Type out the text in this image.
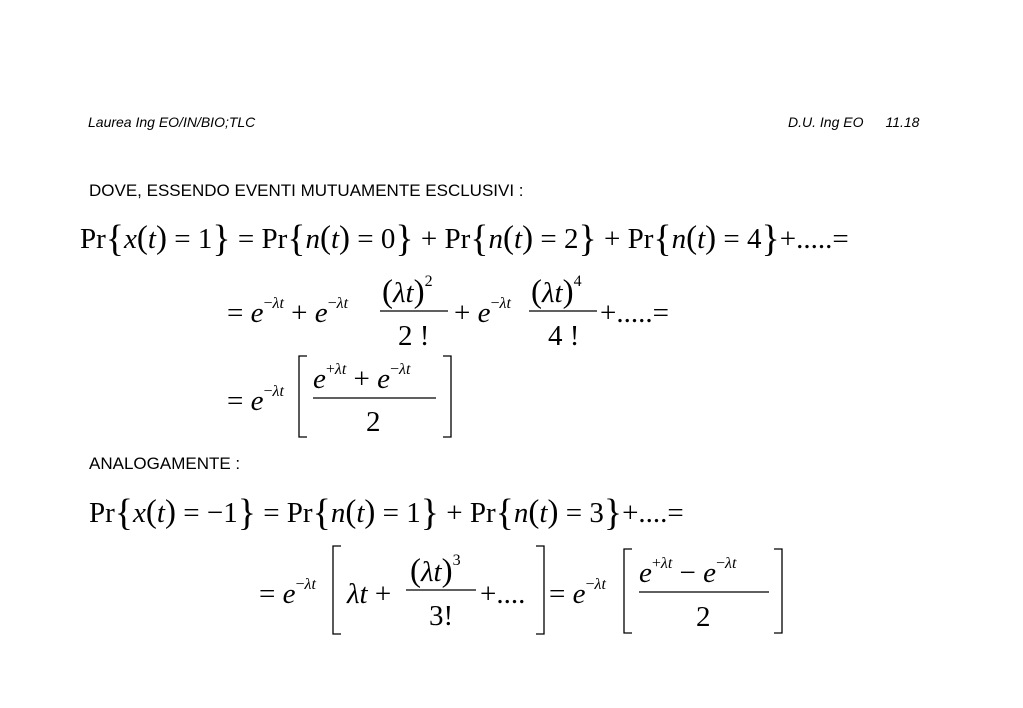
Laurea Ing EO/IN/BIO;TLC	D.U. Ing EO 11.18
DOVE, ESSENDO EVENTI MUTUAMENTE ESCLUSIVI :
ANALOGAMENTE :
Pr{x(t) = 1} = Pr{n(t) = 0} + Pr{n(t) = 2} + Pr{n(t) = 4}+.....=
= $e^{-\lambda t} + e^{-\lambda t}$ $(\lambda t)^2$
2 !
+ $e^{-\lambda t}$ $(\lambda t)^4$
4 !
+.....=
= $e^{-\lambda t}$ $e^{+\lambda t} + e^{-\lambda t}$
2
Pr{x(t) = −1} = Pr{n(t) = 1} + Pr{n(t) = 3}+....=
= $e^{-\lambda t}$ λt +
$(\lambda t)^3$
3!
+.... = $e^{-\lambda t}$ $e^{+\lambda t} - e^{-\lambda t}$
2
